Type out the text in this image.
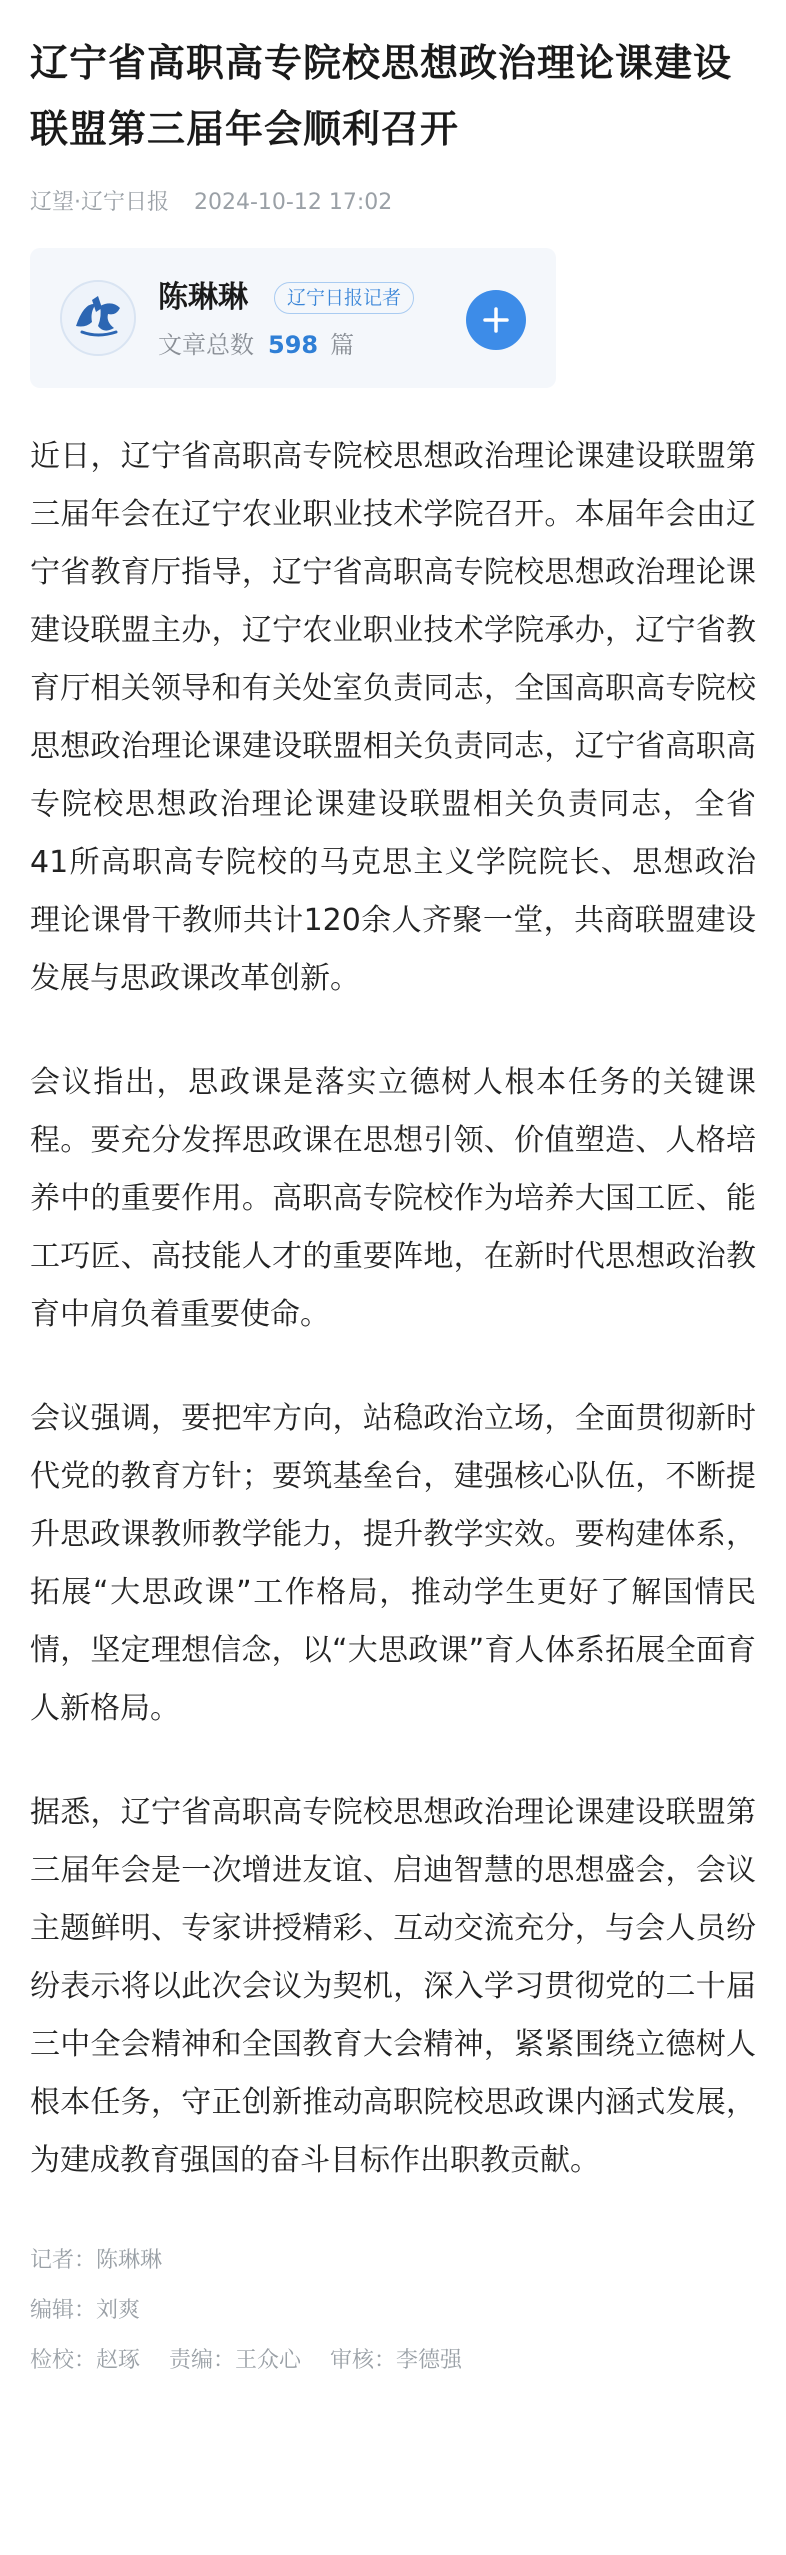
辽宁省高职高专院校思想政治理论课建设联盟第三届年会顺利召开
辽望·辽宁日报 2024-10-12 17:02
陈琳琳	辽宁日报记者
文章总数 598 篇

近日，辽宁省高职高专院校思想政治理论课建设联盟第三届年会在辽宁农业职业技术学院召开。本届年会由辽宁省教育厅指导，辽宁省高职高专院校思想政治理论课建设联盟主办，辽宁农业职业技术学院承办，辽宁省教育厅相关领导和有关处室负责同志，全国高职高专院校思想政治理论课建设联盟相关负责同志，辽宁省高职高专院校思想政治理论课建设联盟相关负责同志，全省41所高职高专院校的马克思主义学院院长、思想政治理论课骨干教师共计120余人齐聚一堂，共商联盟建设发展与思政课改革创新。

会议指出，思政课是落实立德树人根本任务的关键课程。要充分发挥思政课在思想引领、价值塑造、人格培养中的重要作用。高职高专院校作为培养大国工匠、能工巧匠、高技能人才的重要阵地，在新时代思想政治教育中肩负着重要使命。

会议强调，要把牢方向，站稳政治立场，全面贯彻新时代党的教育方针；要筑基垒台，建强核心队伍，不断提升思政课教师教学能力，提升教学实效。要构建体系，拓展“大思政课”工作格局，推动学生更好了解国情民情，坚定理想信念，以“大思政课”育人体系拓展全面育人新格局。

据悉，辽宁省高职高专院校思想政治理论课建设联盟第三届年会是一次增进友谊、启迪智慧的思想盛会，会议主题鲜明、专家讲授精彩、互动交流充分，与会人员纷纷表示将以此次会议为契机，深入学习贯彻党的二十届三中全会精神和全国教育大会精神，紧紧围绕立德树人根本任务，守正创新推动高职院校思政课内涵式发展，为建成教育强国的奋斗目标作出职教贡献。

记者：陈琳琳
编辑：刘爽
检校：赵琢 责编：王众心 审核：李德强
